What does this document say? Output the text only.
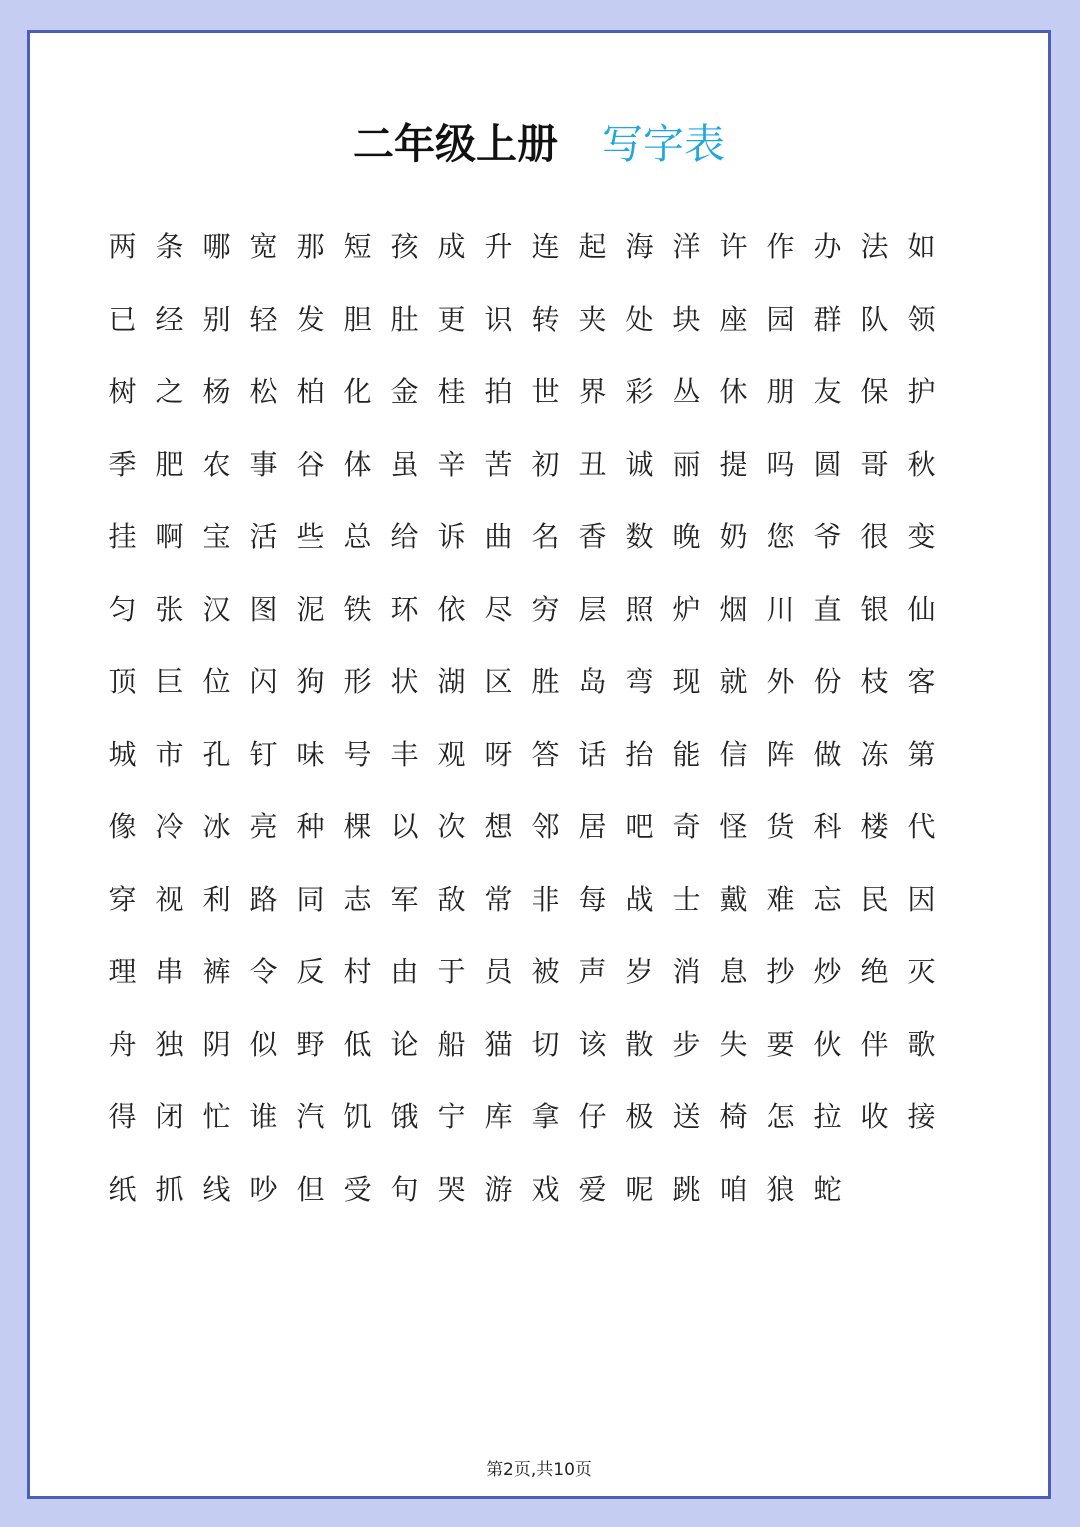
二年级上册 写字表
两 条 哪 宽 那 短 孩 成 升 连 起 海 洋 许 作 办 法 如
已 经 别 轻 发 胆 肚 更 识 转 夹 处 块 座 园 群 队 领
树 之 杨 松 柏 化 金 桂 拍 世 界 彩 丛 休 朋 友 保 护
季 肥 农 事 谷 体 虽 辛 苦 初 丑 诚 丽 提 吗 圆 哥 秋
挂 啊 宝 活 些 总 给 诉 曲 名 香 数 晚 奶 您 爷 很 变
匀 张 汉 图 泥 铁 环 依 尽 穷 层 照 炉 烟 川 直 银 仙
顶 巨 位 闪 狗 形 状 湖 区 胜 岛 弯 现 就 外 份 枝 客
城 市 孔 钉 味 号 丰 观 呀 答 话 抬 能 信 阵 做 冻 第
像 冷 冰 亮 种 棵 以 次 想 邻 居 吧 奇 怪 货 科 楼 代
穿 视 利 路 同 志 军 敌 常 非 每 战 士 戴 难 忘 民 因
理 串 裤 令 反 村 由 于 员 被 声 岁 消 息 抄 炒 绝 灭
舟 独 阴 似 野 低 论 船 猫 切 该 散 步 失 要 伙 伴 歌
得 闭 忙 谁 汽 饥 饿 宁 库 拿 仔 极 送 椅 怎 拉 收 接
纸 抓 线 吵 但 受 句 哭 游 戏 爱 呢 跳 咱 狼 蛇
第2页,共10页
